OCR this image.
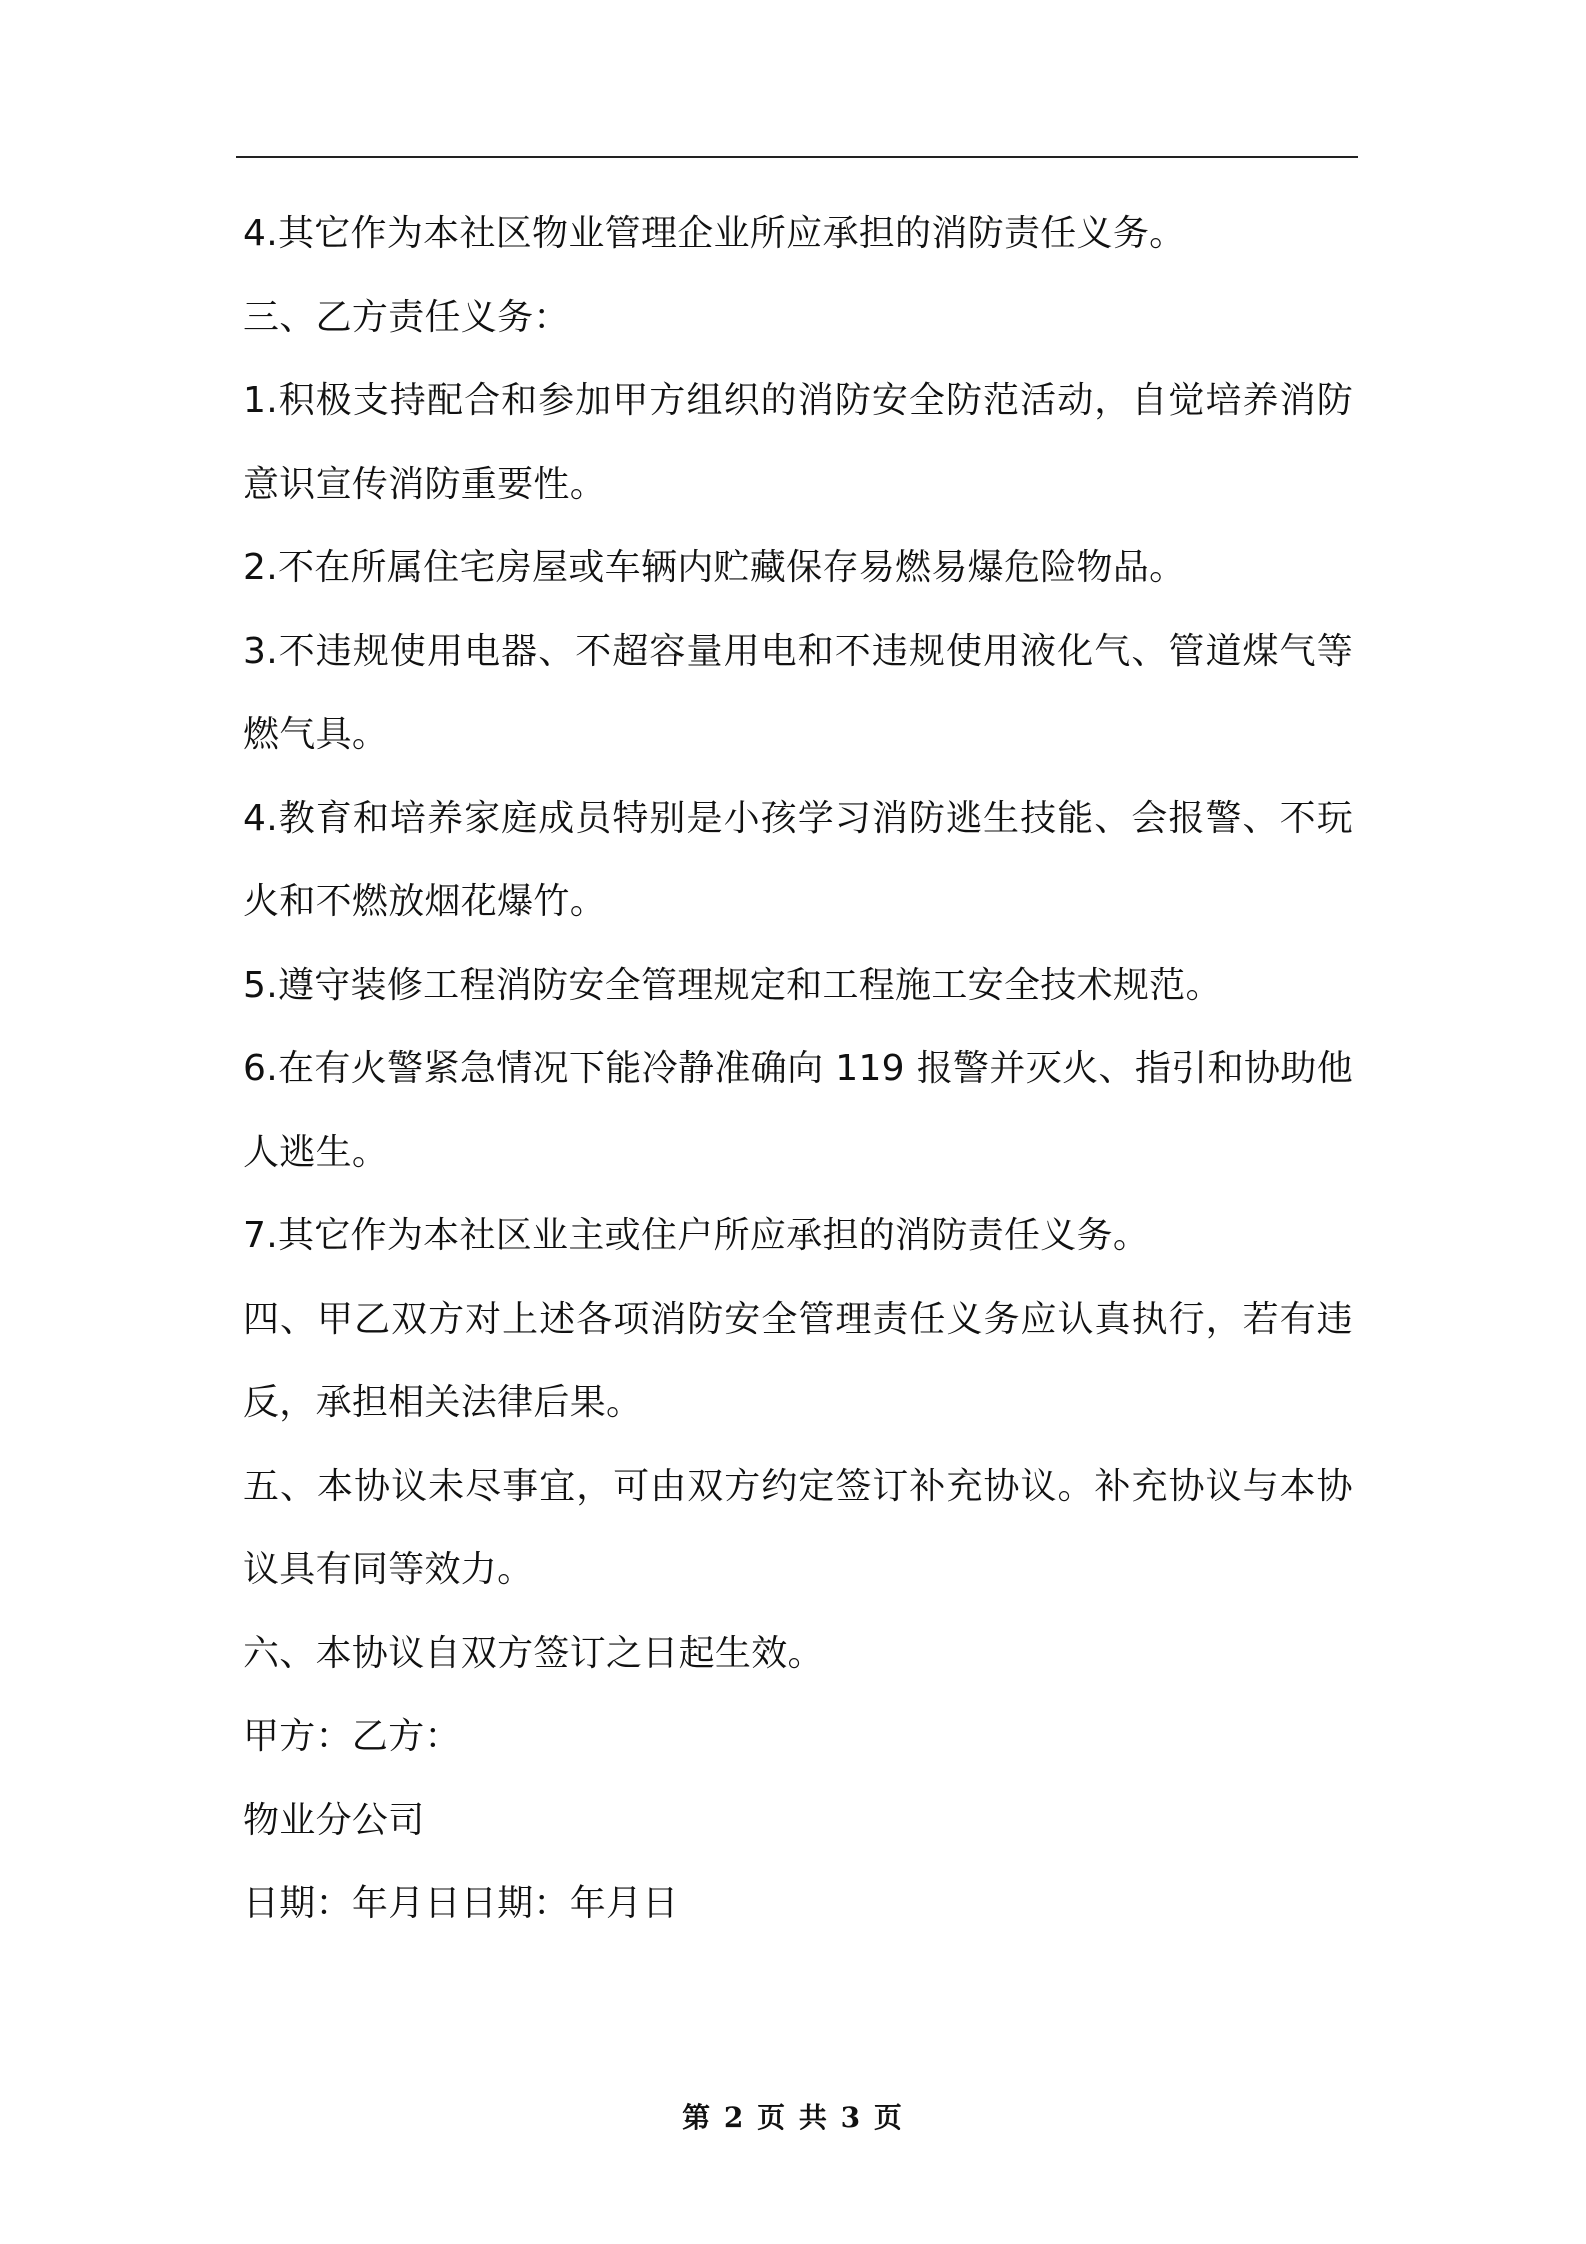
4.其它作为本社区物业管理企业所应承担的消防责任义务。

三、乙方责任义务：

1.积极支持配合和参加甲方组织的消防安全防范活动，自觉培养消防意识宣传消防重要性。

2.不在所属住宅房屋或车辆内贮藏保存易燃易爆危险物品。

3.不违规使用电器、不超容量用电和不违规使用液化气、管道煤气等燃气具。

4.教育和培养家庭成员特别是小孩学习消防逃生技能、会报警、不玩火和不燃放烟花爆竹。

5.遵守装修工程消防安全管理规定和工程施工安全技术规范。

6.在有火警紧急情况下能冷静准确向 119 报警并灭火、指引和协助他人逃生。

7.其它作为本社区业主或住户所应承担的消防责任义务。

四、甲乙双方对上述各项消防安全管理责任义务应认真执行，若有违反，承担相关法律后果。

五、本协议未尽事宜，可由双方约定签订补充协议。补充协议与本协议具有同等效力。

六、本协议自双方签订之日起生效。

甲方：乙方：

物业分公司

日期：年月日日期：年月日

第 2 页 共 3 页
